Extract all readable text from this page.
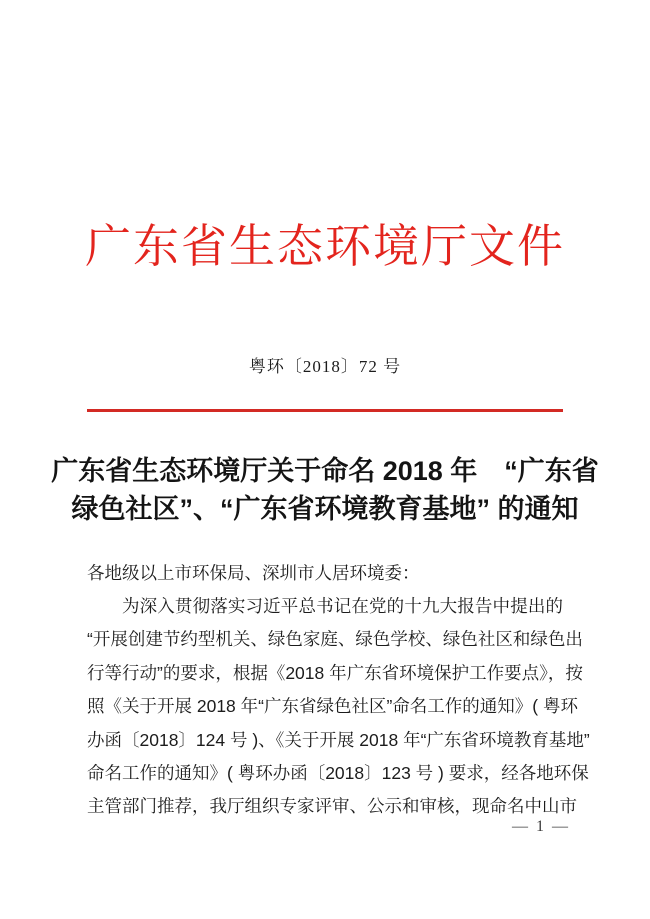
广东省生态环境厅文件
粤环〔2018〕72 号
广东省生态环境厅关于命名 2018 年　“广东省
绿色社区”、“广东省环境教育基地” 的通知
各地级以上市环保局、深圳市人居环境委：
为深入贯彻落实习近平总书记在党的十九大报告中提出的
“开展创建节约型机关、绿色家庭、绿色学校、绿色社区和绿色出
行等行动”的要求，根据《2018 年广东省环境保护工作要点》，按
照《关于开展 2018 年“广东省绿色社区”命名工作的通知》( 粤环
办函〔2018〕124 号 )、《关于开展 2018 年“广东省环境教育基地”
命名工作的通知》( 粤环办函〔2018〕123 号 ) 要求，经各地环保
主管部门推荐，我厅组织专家评审、公示和审核，现命名中山市
— 1 —
